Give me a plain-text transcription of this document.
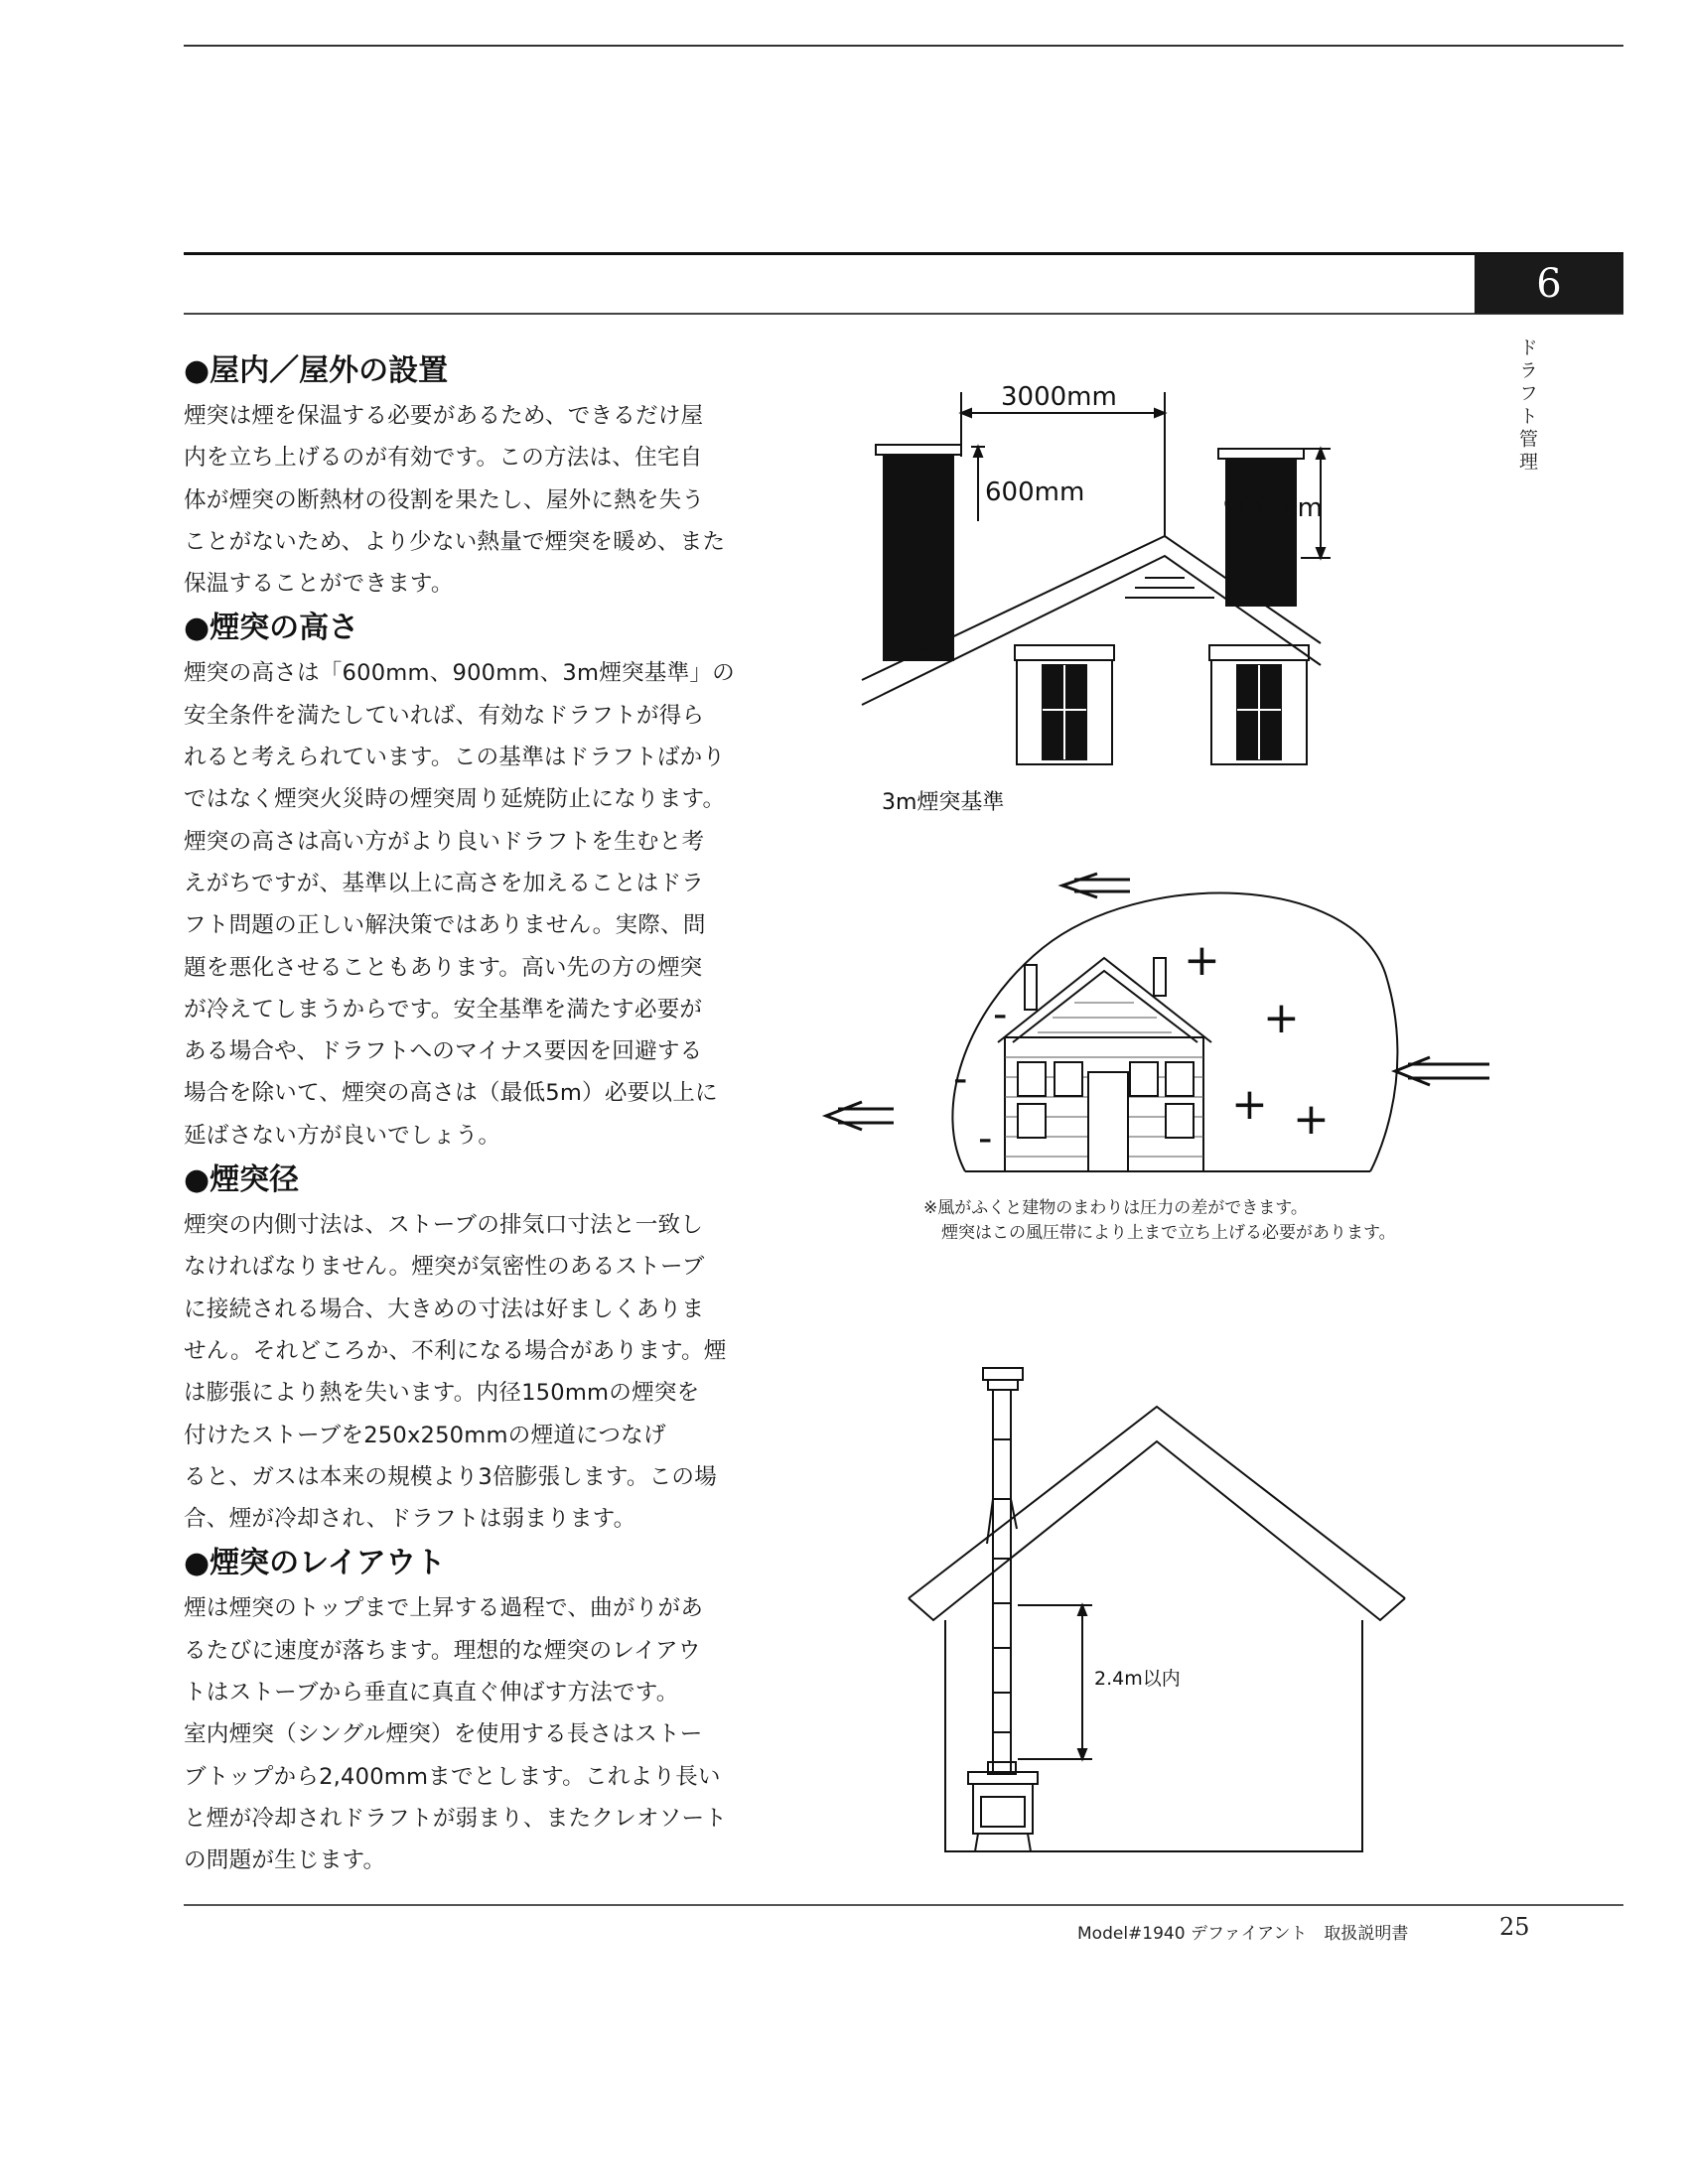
6
ドラフト管理
●屋内／屋外の設置

煙突は煙を保温する必要があるため、できるだけ屋

内を立ち上げるのが有効です。この方法は、住宅自

体が煙突の断熱材の役割を果たし、屋外に熱を失う

ことがないため、より少ない熱量で煙突を暖め、また

保温することができます。

●煙突の高さ

煙突の高さは「600mm、900mm、3m煙突基準」の

安全条件を満たしていれば、有効なドラフトが得ら

れると考えられています。この基準はドラフトばかり

ではなく煙突火災時の煙突周り延焼防止になります。

煙突の高さは高い方がより良いドラフトを生むと考

えがちですが、基準以上に高さを加えることはドラ

フト問題の正しい解決策ではありません。実際、問

題を悪化させることもあります。高い先の方の煙突

が冷えてしまうからです。安全基準を満たす必要が

ある場合や、ドラフトへのマイナス要因を回避する

場合を除いて、煙突の高さは（最低5m）必要以上に

延ばさない方が良いでしょう。

●煙突径

煙突の内側寸法は、ストーブの排気口寸法と一致し

なければなりません。煙突が気密性のあるストーブ

に接続される場合、大きめの寸法は好ましくありま

せん。それどころか、不利になる場合があります。煙

は膨張により熱を失います。内径150mmの煙突を

付けたストーブを250x250mmの煙道につなげ

ると、ガスは本来の規模より3倍膨張します。この場

合、煙が冷却され、ドラフトは弱まります。

●煙突のレイアウト

煙は煙突のトップまで上昇する過程で、曲がりがあ

るたびに速度が落ちます。理想的な煙突のレイアウ

トはストーブから垂直に真直ぐ伸ばす方法です。

室内煙突（シングル煙突）を使用する長さはストー

ブトップから2,400mmまでとします。これより長い

と煙が冷却されドラフトが弱まり、またクレオソート

の問題が生じます。

3000mm
600mm
900mm
3m煙突基準
+
+
+ +
-
-
-
※風がふくと建物のまわりは圧力の差ができます。
煙突はこの風圧帯により上まで立ち上げる必要があります。
2.4m以内
Model#1940 デファイアント　取扱説明書	25
